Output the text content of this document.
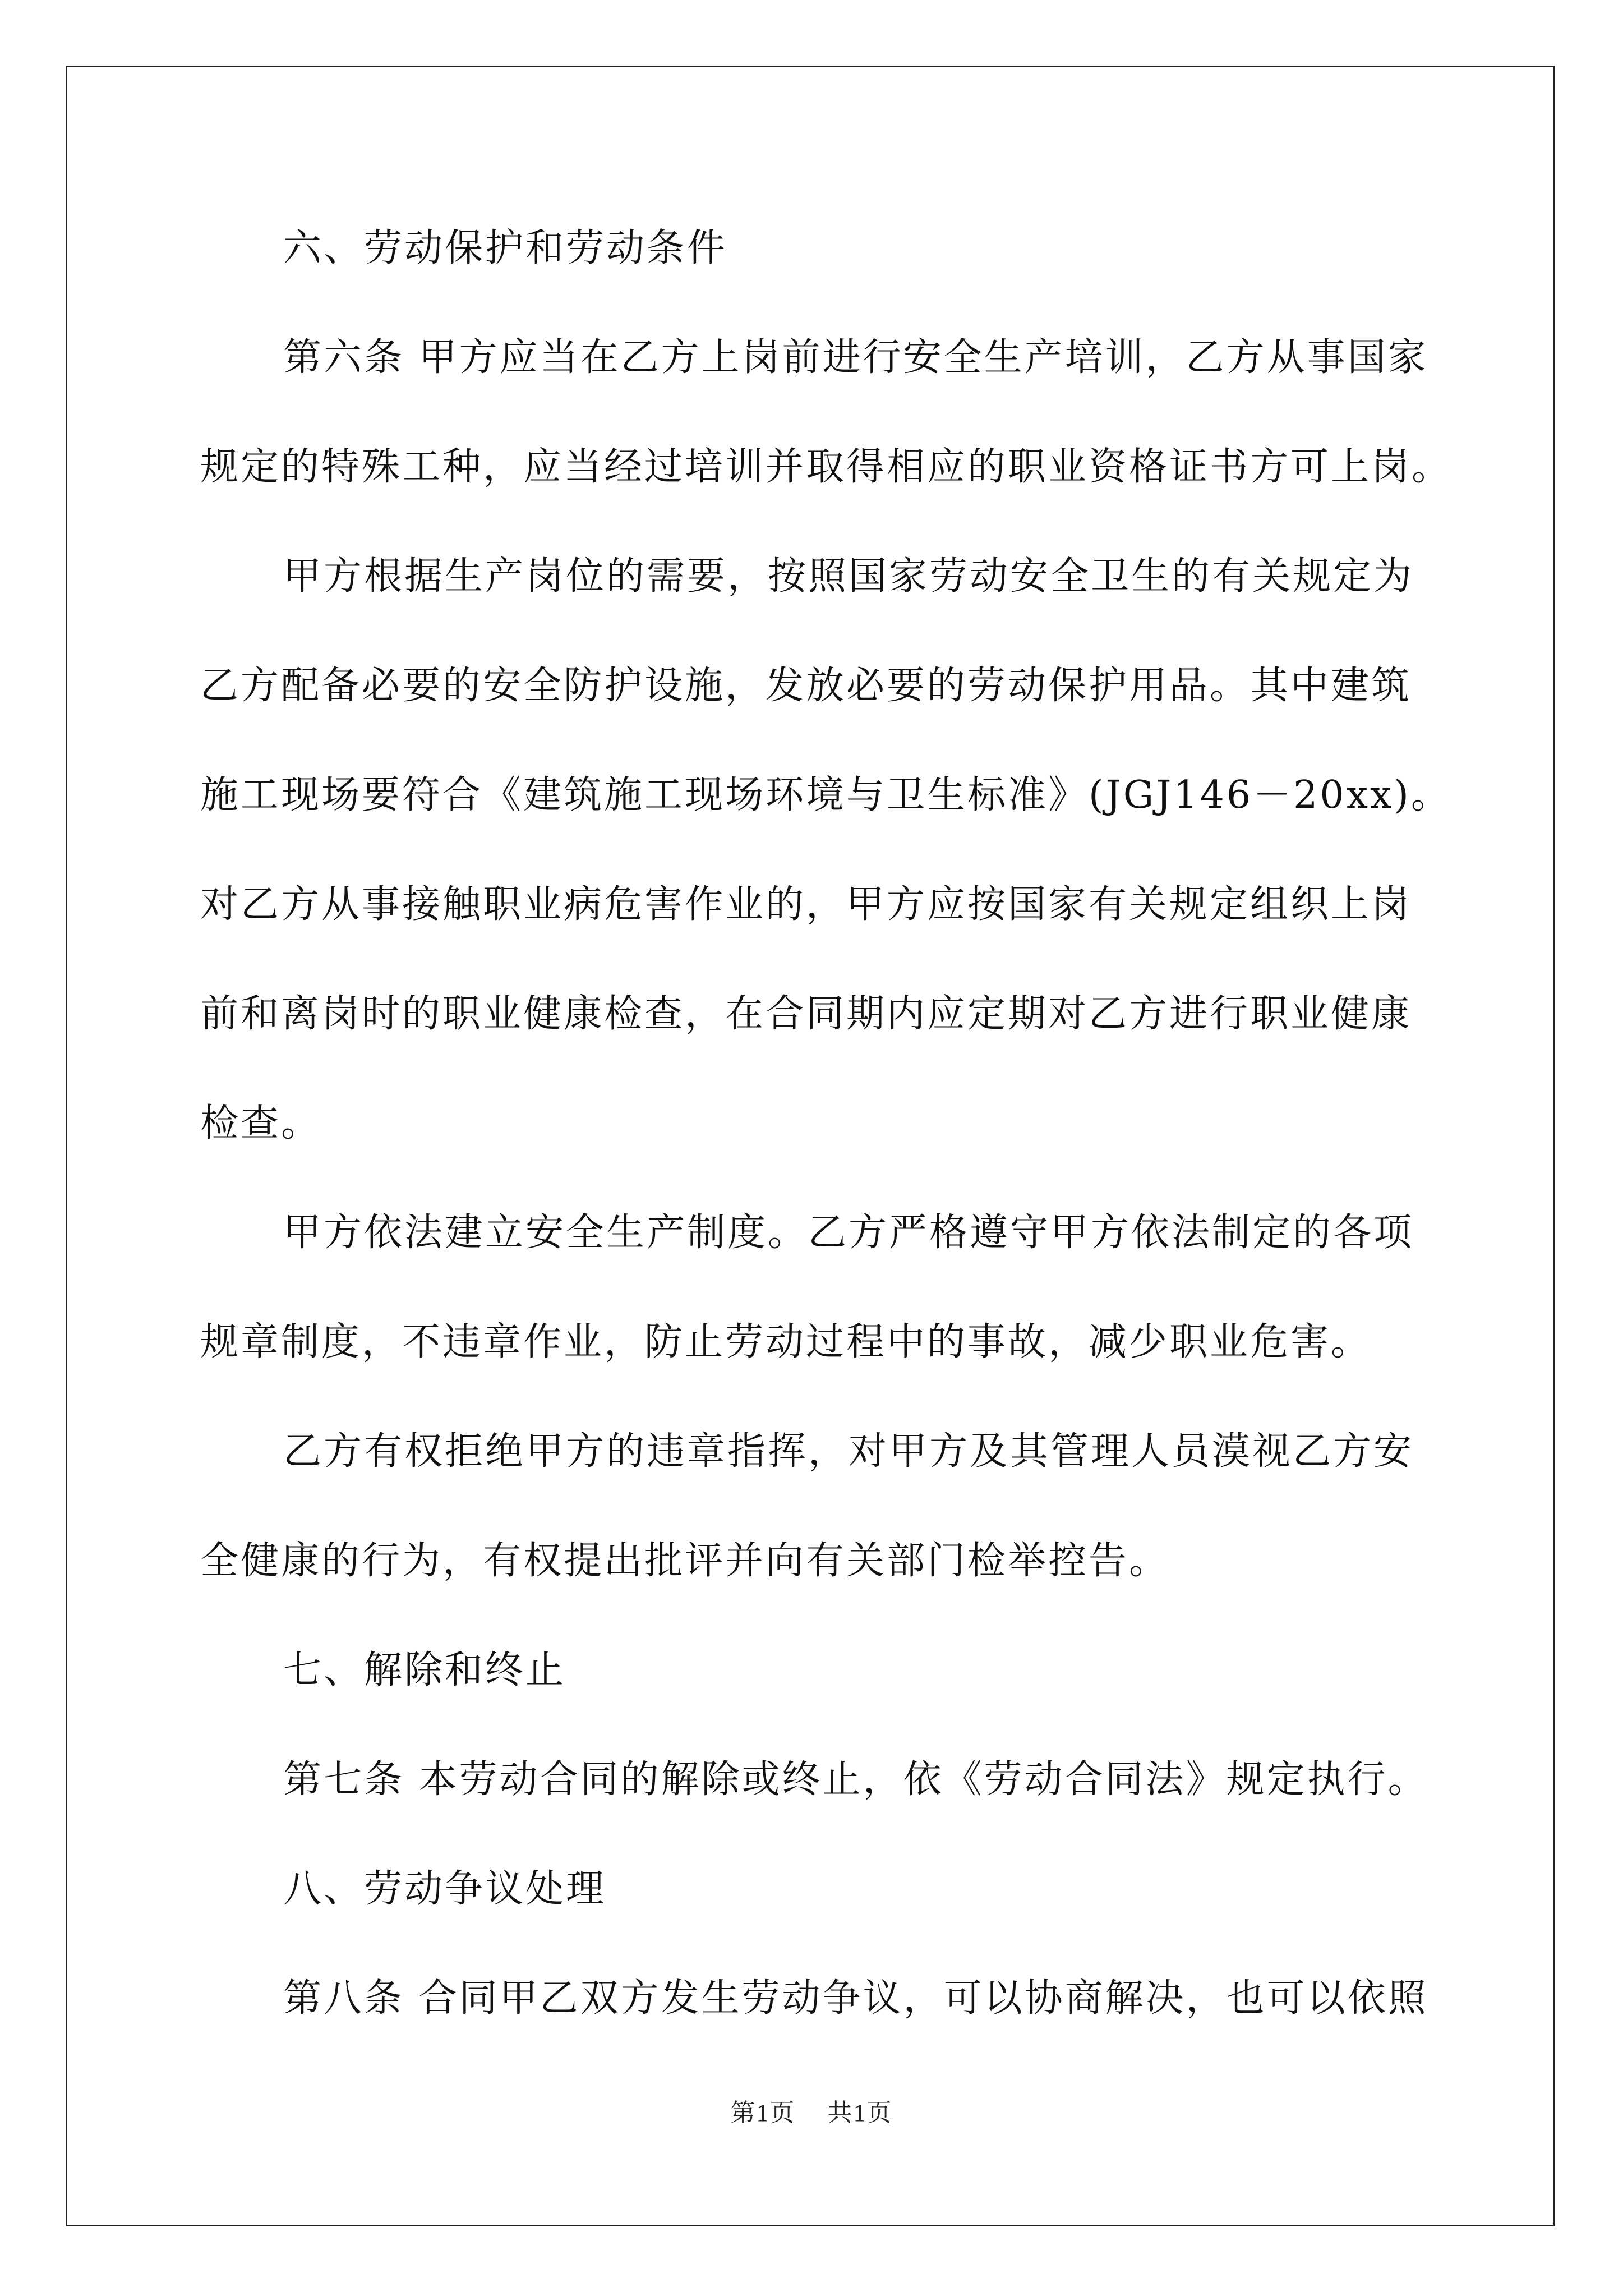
六、劳动保护和劳动条件
第六条 甲方应当在乙方上岗前进行安全生产培训，乙方从事国家
规定的特殊工种，应当经过培训并取得相应的职业资格证书方可上岗。
甲方根据生产岗位的需要，按照国家劳动安全卫生的有关规定为
乙方配备必要的安全防护设施，发放必要的劳动保护用品。其中建筑
施工现场要符合《建筑施工现场环境与卫生标准》(JGJ146－20xx)。
对乙方从事接触职业病危害作业的，甲方应按国家有关规定组织上岗
前和离岗时的职业健康检查，在合同期内应定期对乙方进行职业健康
检查。
甲方依法建立安全生产制度。乙方严格遵守甲方依法制定的各项
规章制度，不违章作业，防止劳动过程中的事故，减少职业危害。
乙方有权拒绝甲方的违章指挥，对甲方及其管理人员漠视乙方安
全健康的行为，有权提出批评并向有关部门检举控告。
七、解除和终止
第七条 本劳动合同的解除或终止，依《劳动合同法》规定执行。
八、劳动争议处理
第八条 合同甲乙双方发生劳动争议，可以协商解决，也可以依照
第1页 共1页
